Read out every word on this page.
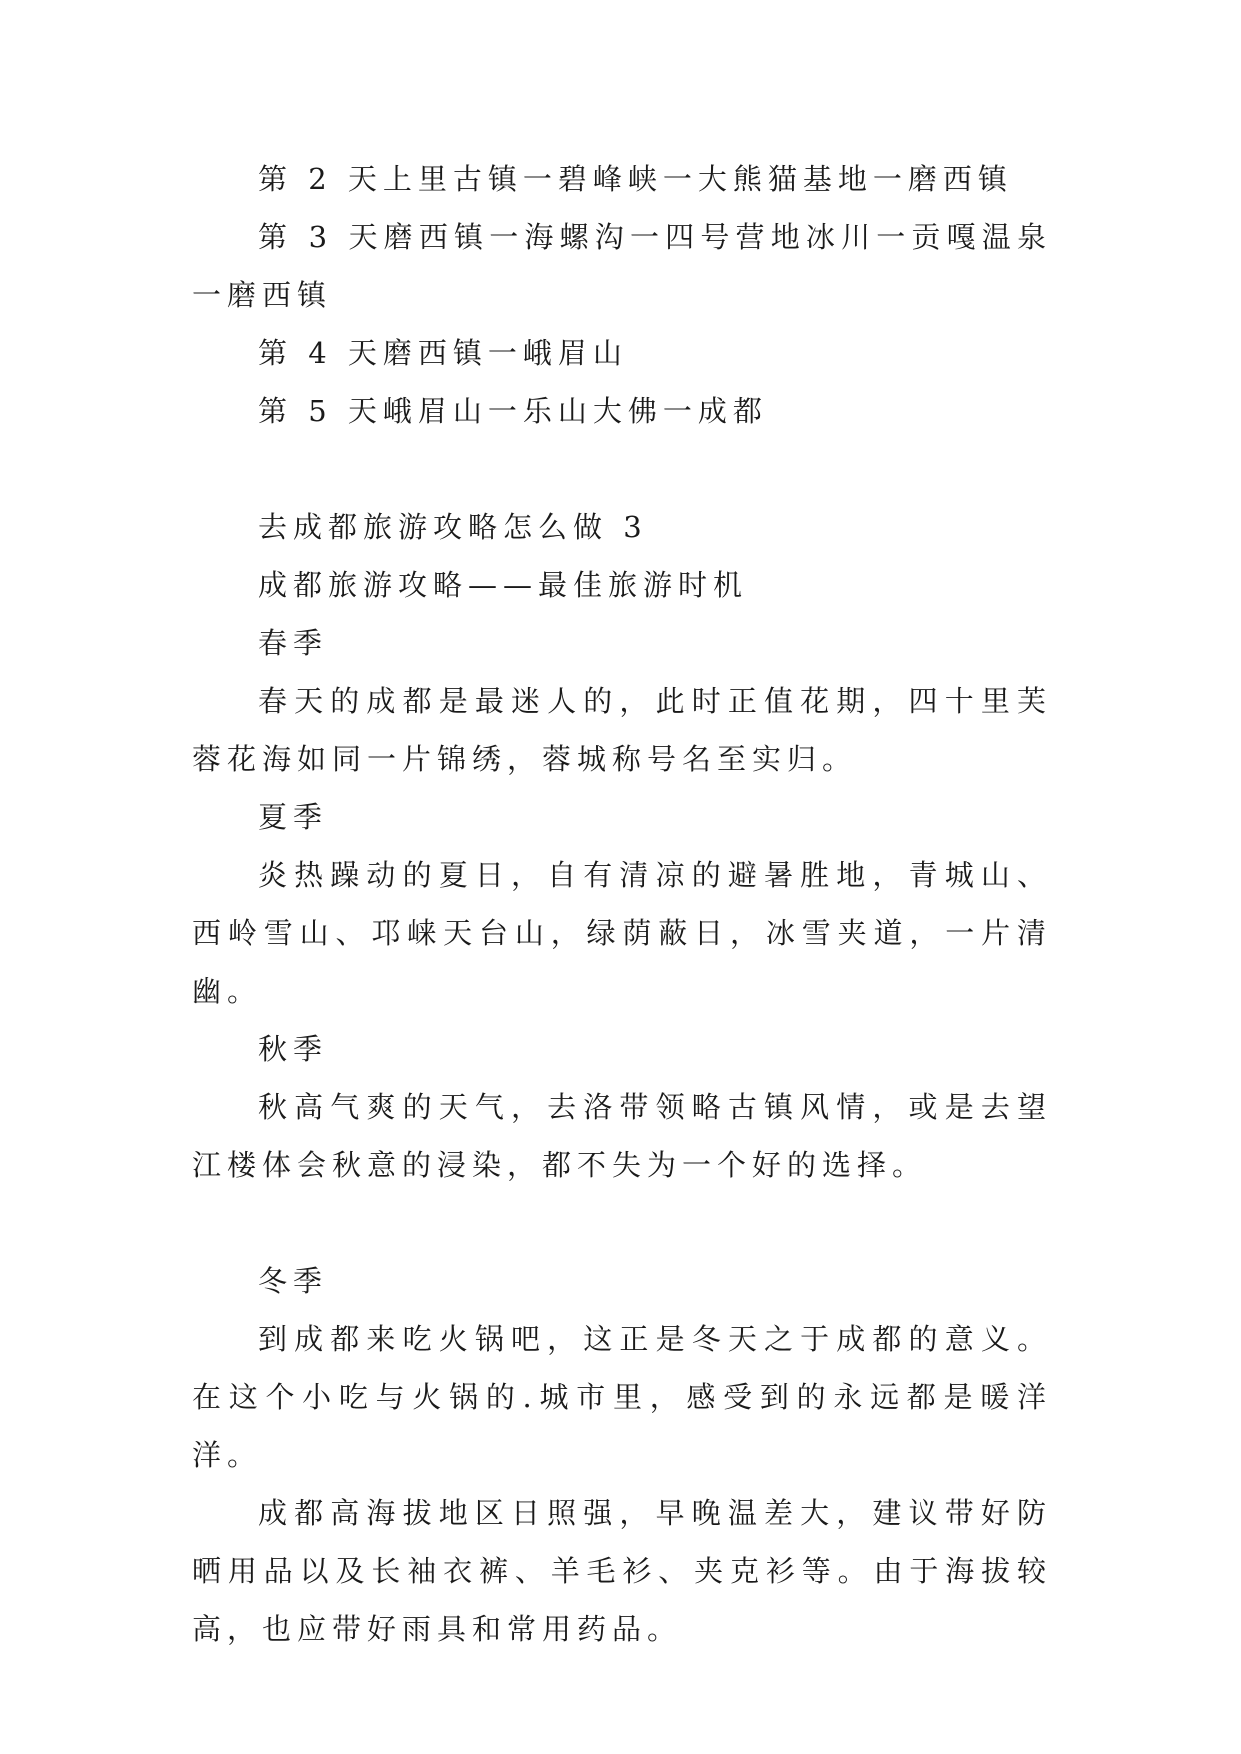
第 2 天上里古镇一碧峰峡一大熊猫基地一磨西镇

第 3 天磨西镇一海螺沟一四号营地冰川一贡嘎温泉一磨西镇

第 4 天磨西镇一峨眉山

第 5 天峨眉山一乐山大佛一成都

去成都旅游攻略怎么做 3

成都旅游攻略——最佳旅游时机

春季

春天的成都是最迷人的，此时正值花期，四十里芙蓉花海如同一片锦绣，蓉城称号名至实归。

夏季

炎热躁动的夏日，自有清凉的避暑胜地，青城山、西岭雪山、邛崃天台山，绿荫蔽日，冰雪夹道，一片清幽。

秋季

秋高气爽的天气，去洛带领略古镇风情，或是去望江楼体会秋意的浸染，都不失为一个好的选择。

冬季

到成都来吃火锅吧，这正是冬天之于成都的意义。在这个小吃与火锅的.城市里，感受到的永远都是暖洋洋。

成都高海拔地区日照强，早晚温差大，建议带好防晒用品以及长袖衣裤、羊毛衫、夹克衫等。由于海拔较高，也应带好雨具和常用药品。
